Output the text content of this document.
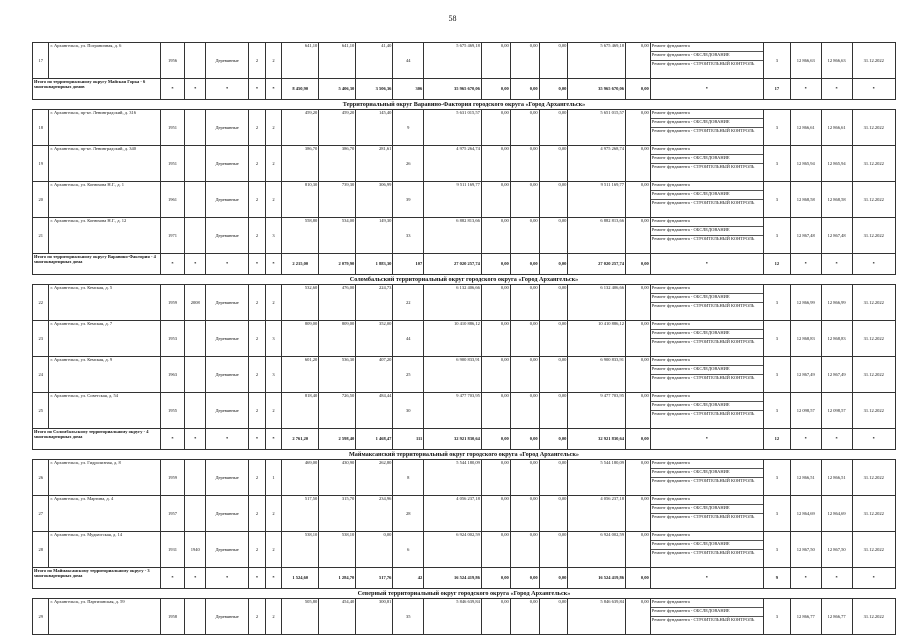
58
17	г. Архангельск, ул. Пограничная, д. 6	1956		Деревянные	2	2	641,10	641,10	41,40	44	5 675 469,18	0,00	0,00	0,00	5 675 469,18	0,00	Ремонт фундамента
Ремонт фундамента - ОБСЛЕДОВАНИЕ
Ремонт фундамента - СТРОИТЕЛЬНЫЙ КОНТРОЛЬ	3	12 866,63	12 866,63	31.12.2022
Итого по территориальному округу Майская Горка - 6 многоквартирных домов		*	*	*	*	*	8 450,90	5 406,30	3 506,36	306	35 965 670,06	0,00	0,00	0,00	35 965 670,06	0,00	*	17	*	*	*
Территориальный округ Варавино-Фактория городского округа «Город Архангельск»																					
18	г. Архангельск, пр-кт. Ленинградский, д. 316	1951		Деревянные	2	2	459,20	459,20	145,40	9	5 631 015,57	0,00	0,00	0,00	5 651 015,57	0,00	Ремонт фундамента
Ремонт фундамента - ОБСЛЕДОВАНИЕ
Ремонт фундамента - СТРОИТЕЛЬНЫЙ КОНТРОЛЬ	3	12 866,61	12 866,61	31.12.2022
19	г. Архангельск, пр-кт. Ленинградский, д. 340	1951		Деревянные	2	2	386,70	386,70	281,61	26	4 975 264,74	0,00	0,00	0,00	4 975 268,74	0,00	Ремонт фундамента
Ремонт фундамента - ОБСЛЕДОВАНИЕ
Ремонт фундамента - СТРОИТЕЛЬНЫЙ КОНТРОЛЬ	3	12 865,94	12 865,94	31.12.2022
20	г. Архангельск, ул. Конюхова Н.Г., д. 1	1961		Деревянные	2	2	810,30	739,30	306,99	39	9 511 169,77	0,00	0,00	0,00	9 511 169,77	0,00	Ремонт фундамента
Ремонт фундамента - ОБСЛЕДОВАНИЕ
Ремонт фундамента - СТРОИТЕЛЬНЫЙ КОНТРОЛЬ	3	12 868,58	12 868,58	31.12.2022
21	г. Архангельск, ул. Конюхова Н.Г., д. 12	1971		Деревянные	2	3	558,80	534,00	149,30	33	6 882 813,66	0,00	0,00	0,00	6 882 813,66	0,00	Ремонт фундамента
Ремонт фундамента - ОБСЛЕДОВАНИЕ
Ремонт фундамента - СТРОИТЕЛЬНЫЙ КОНТРОЛЬ	3	12 867,48	12 867,48	31.12.2022
Итого по территориальному округу Варавино-Фактория - 4 многоквартирных дома		*	*	*	*	*	2 215,00	2 079,90	1 883,30	107	27 020 257,74	0,00	0,00	0,00	27 020 257,74	0,00	*	12	*	*	*
Соломбальский территориальный округ городского округа «Город Архангельск»																					
22	г. Архангельск, ул. Кемская, д. 5	1959	2008	Деревянные	2	2	532,60	476,00	224,73	22	6 132 406,66	0,00	0,00	0,00	6 132 406,66	0,00	Ремонт фундамента
Ремонт фундамента - ОБСЛЕДОВАНИЕ
Ремонт фундамента - СТРОИТЕЛЬНЫЙ КОНТРОЛЬ	3	12 866,99	12 866,99	31.12.2022
23	г. Архангельск, ул. Кемская, д. 7	1953		Деревянные	2	3	809,00	809,00	352,00	44	10 410 886,12	0,00	0,00	0,00	10 410 886,12	0,00	Ремонт фундамента
Ремонт фундамента - ОБСЛЕДОВАНИЕ
Ремонт фундамента - СТРОИТЕЛЬНЫЙ КОНТРОЛЬ	3	12 868,83	12 868,83	31.12.2022
24	г. Архангельск, ул. Кемская, д. 9	1963		Деревянные	2	3	601,20	536,30	407,20	25	6 900 833,91	0,00	0,00	0,00	6 900 833,91	0,00	Ремонт фундамента
Ремонт фундамента - ОБСЛЕДОВАНИЕ
Ремонт фундамента - СТРОИТЕЛЬНЫЙ КОНТРОЛЬ	3	12 867,49	12 867,49	31.12.2022
25	г. Архангельск, ул. Советская, д. 54	1955		Деревянные	2	2	818,40	726,50	484,44	30	9 477 703,95	0,00	0,00	0,00	9 477 703,95	0,00	Ремонт фундамента
Ремонт фундамента - ОБСЛЕДОВАНИЕ
Ремонт фундамента - СТРОИТЕЛЬНЫЙ КОНТРОЛЬ	3	12 098,57	12 098,57	31.12.2022
Итого по Соломбальскому территориальному округу - 4 многоквартирных дома		*	*	*	*	*	2 761,20	2 598,40	1 468,47	111	32 921 830,64	0,00	0,00	0,00	32 921 830,64	0,00	*	12	*	*	*
Маймаксанский территориальный округ городского округа «Город Архангельск»																					
26	г. Архангельск, ул. Гидролизная, д. 8	1959		Деревянные	2	1	469,00	430,90	262,80	8	5 544 180,09	0,00	0,00	0,00	5 544 180,09	0,00	Ремонт фундамента
Ремонт фундамента - ОБСЛЕДОВАНИЕ
Ремонт фундамента - СТРОИТЕЛЬНЫЙ КОНТРОЛЬ	3	12 866,51	12 866,51	31.12.2022
27	г. Архангельск, ул. Мартина, д. 4	1957		Деревянные	2	2	517,50	315,70	234,96	28	4 056 237,18	0,00	0,00	0,00	4 056 237,18	0,00	Ремонт фундамента
Ремонт фундамента - ОБСЛЕДОВАНИЕ
Ремонт фундамента - СТРОИТЕЛЬНЫЙ КОНТРОЛЬ	3	12 864,69	12 864,69	31.12.2022
28	г. Архангельск, ул. Мудьюгская, д. 14	1931	1940	Деревянные	2	2	538,10	538,10	0,00	6	6 924 002,59	0,00	0,00	0,00	6 924 002,59	0,00	Ремонт фундамента
Ремонт фундамента - ОБСЛЕДОВАНИЕ
Ремонт фундамента - СТРОИТЕЛЬНЫЙ КОНТРОЛЬ	3	12 867,50	12 867,50	31.12.2022
Итого по Маймаксанскому территориальному округу - 3 многоквартирных дома		*	*	*	*	*	1 524,60	1 284,70	517,76	42	16 524 419,86	0,00	0,00	0,00	16 524 419,86	0,00	*	9	*	*	*
Северный территориальный округ городского округа «Город Архангельск»																					
29	г. Архангельск, ул. Партизанская, д. 59	1958		Деревянные	2	2	505,80	454,40	300,81	35	5 846 639,84	0,00	0,00	0,00	5 846 639,84	0,00	Ремонт фундамента
Ремонт фундамента - ОБСЛЕДОВАНИЕ
Ремонт фундамента - СТРОИТЕЛЬНЫЙ КОНТРОЛЬ	3	12 866,77	12 866,77	31.12.2022
